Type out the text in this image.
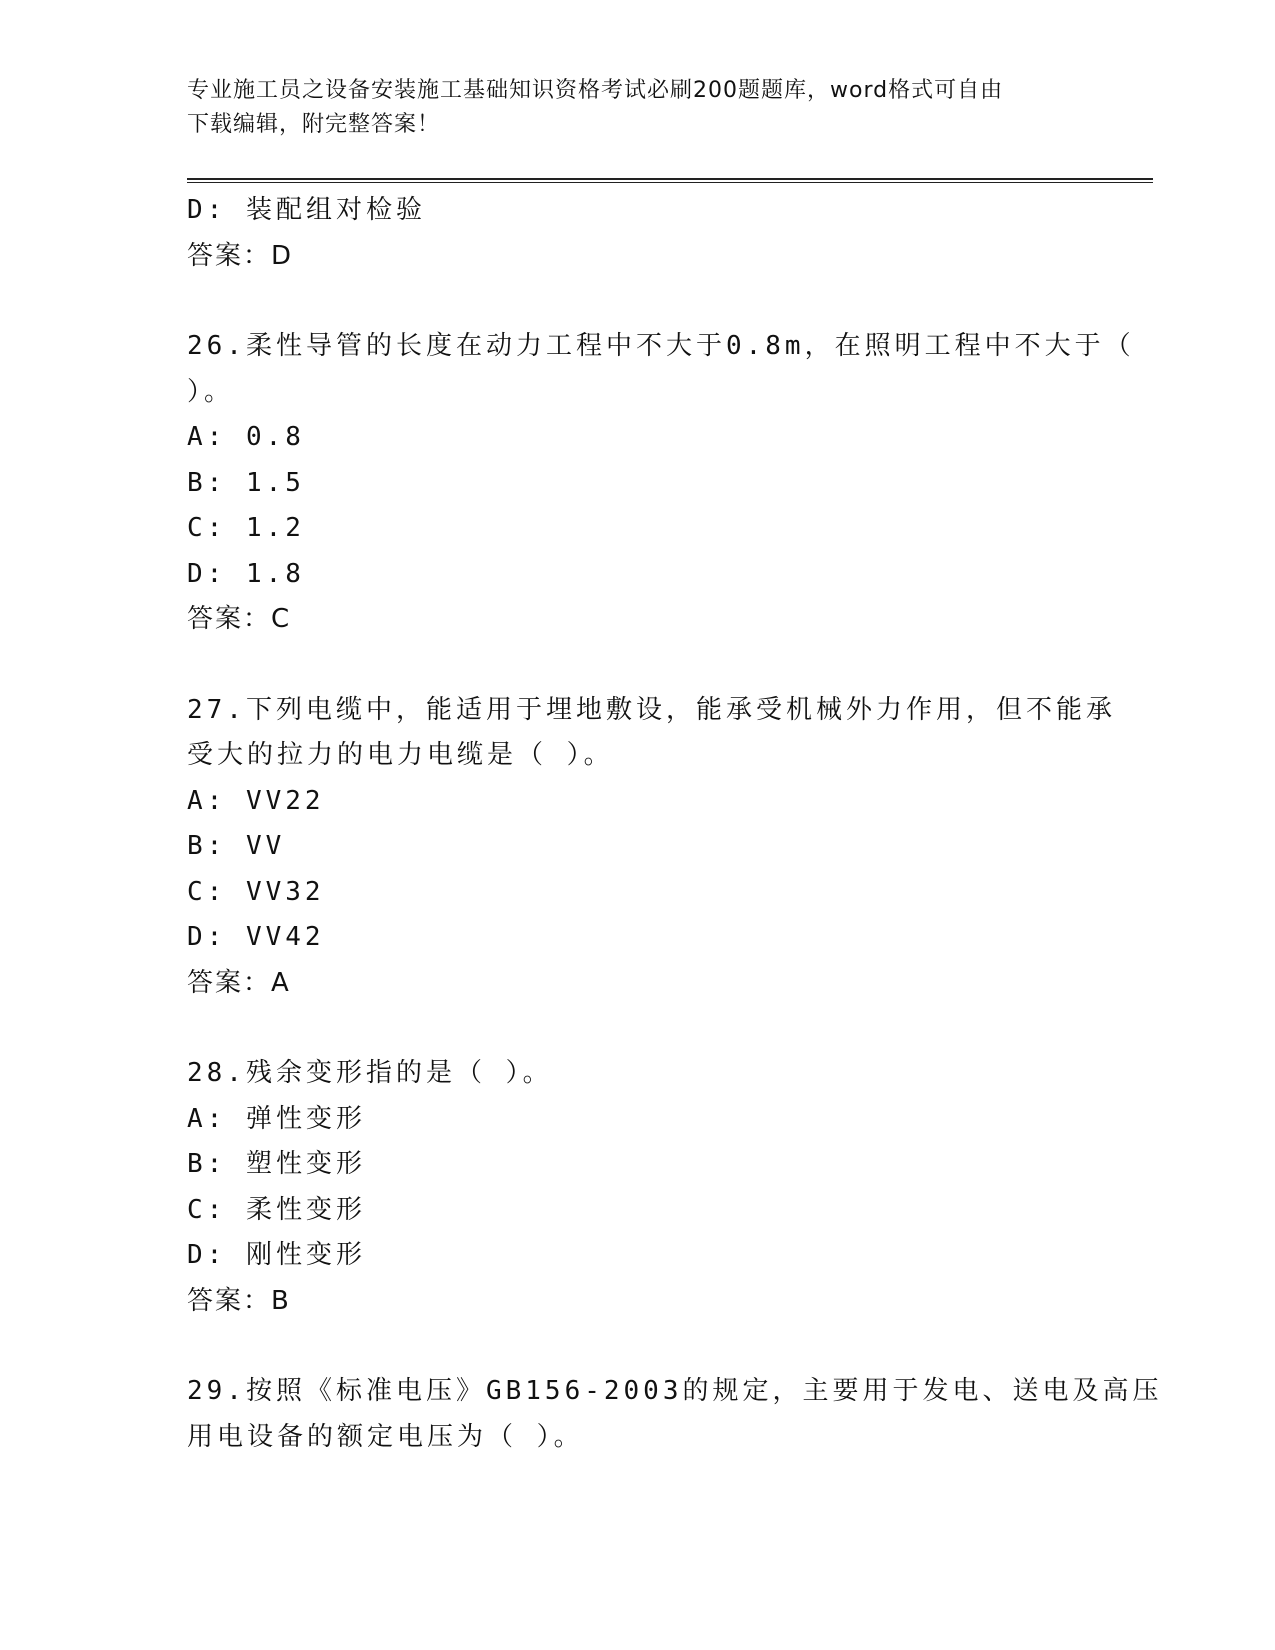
专业施工员之设备安装施工基础知识资格考试必刷200题题库，word格式可自由
下载编辑，附完整答案！
D: 装配组对检验
答案：D
26.柔性导管的长度在动力工程中不大于0.8m，在照明工程中不大于（
）。
A: 0.8
B: 1.5
C: 1.2
D: 1.8
答案：C
27.下列电缆中，能适用于埋地敷设，能承受机械外力作用，但不能承
受大的拉力的电力电缆是（ ）。
A: VV22
B: VV
C: VV32
D: VV42
答案：A
28.残余变形指的是（ ）。
A: 弹性变形
B: 塑性变形
C: 柔性变形
D: 刚性变形
答案：B
29.按照《标准电压》GB156-2003的规定，主要用于发电、送电及高压
用电设备的额定电压为（ ）。
